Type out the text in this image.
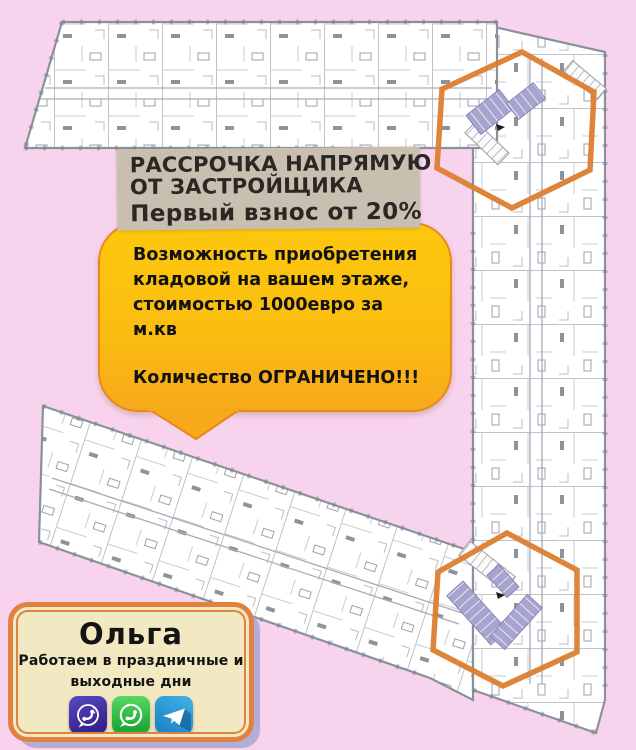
РАССРОЧКА НАПРЯМУЮ
ОТ ЗАСТРОЙЩИКА
Первый взнос от 20%

Возможность приобретения кладовой на вашем этаже, стоимостью 1000евро за м.кв

Количество ОГРАНИЧЕНО!!!

Ольга
Работаем в праздничные и
выходные дни
